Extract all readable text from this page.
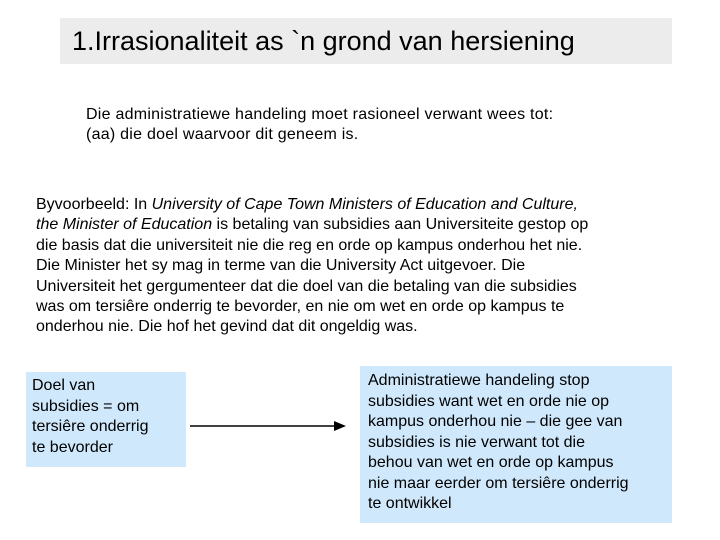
1.Irrasionaliteit as `n grond van hersiening
Die administratiewe handeling moet rasioneel verwant wees tot:
(aa) die doel waarvoor dit geneem is.
Byvoorbeeld: In University of Cape Town Ministers of Education and Culture,
the Minister of Education is betaling van subsidies aan Universiteite gestop op
die basis dat die universiteit nie die reg en orde op kampus onderhou het nie.
Die Minister het sy mag in terme van die University Act uitgevoer. Die
Universiteit het gergumenteer dat die doel van die betaling van die subsidies
was om tersiêre onderrig te bevorder, en nie om wet en orde op kampus te
onderhou nie. Die hof het gevind dat dit ongeldig was.
Doel van
subsidies = om
tersiêre onderrig
te bevorder
Administratiewe handeling stop
subsidies want wet en orde nie op
kampus onderhou nie – die gee van
subsidies is nie verwant tot die
behou van wet en orde op kampus
nie maar eerder om tersiêre onderrig
te ontwikkel
